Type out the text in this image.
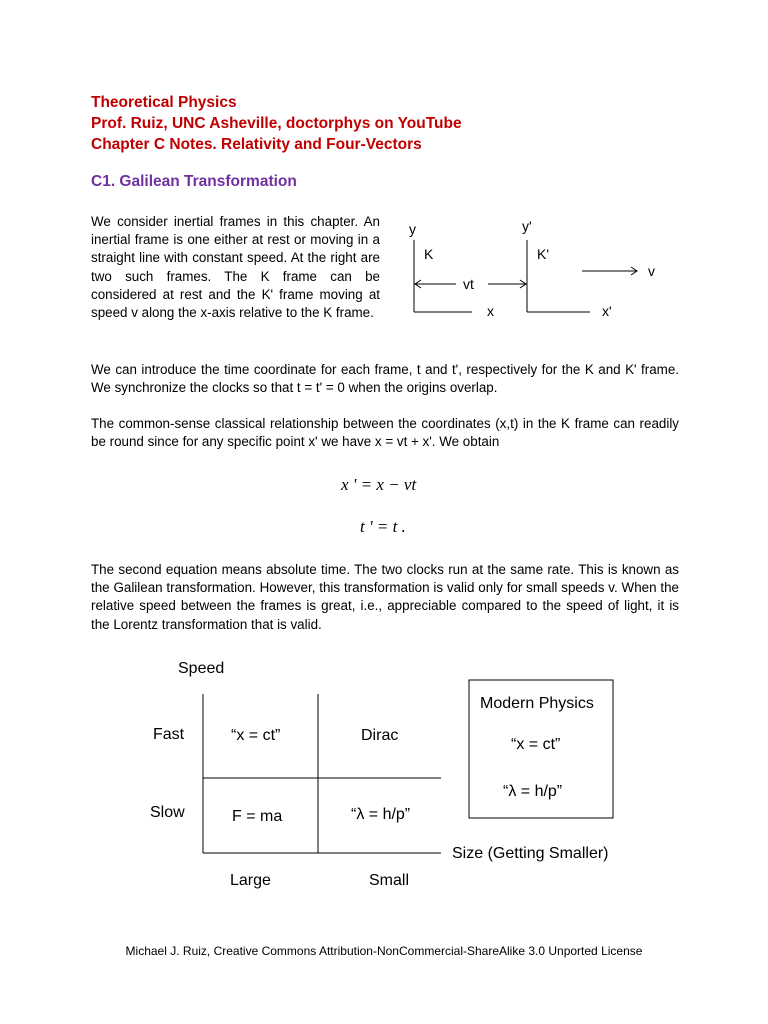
Theoretical Physics
Prof. Ruiz, UNC Asheville, doctorphys on YouTube
Chapter C Notes. Relativity and Four-Vectors
C1. Galilean Transformation

We consider inertial frames in this chapter. An inertial frame is one either at rest or moving in a straight line with constant speed. At the right are two such frames. The K frame can be considered at rest and the K' frame moving at speed v along the x-axis relative to the K frame.

y	y'
K	K'
vt
x	x'
v

We can introduce the time coordinate for each frame, t and t', respectively for the K and K' frame. We synchronize the clocks so that t = t' = 0 when the origins overlap.

The common-sense classical relationship between the coordinates (x,t) in the K frame can readily be round since for any specific point x' we have x = vt + x'. We obtain

x ' = x − vt
t ' = t .

The second equation means absolute time. The two clocks run at the same rate. This is known as the Galilean transformation. However, this transformation is valid only for small speeds v. When the relative speed between the frames is great, i.e., appreciable compared to the speed of light, it is the Lorentz transformation that is valid.

Speed
Fast
Slow
“x = ct”	Dirac
F = ma	“λ = h/p”
Size (Getting Smaller)
Large	Small
Modern Physics
“x = ct”
“λ = h/p”
Michael J. Ruiz, Creative Commons Attribution-NonCommercial-ShareAlike 3.0 Unported License
